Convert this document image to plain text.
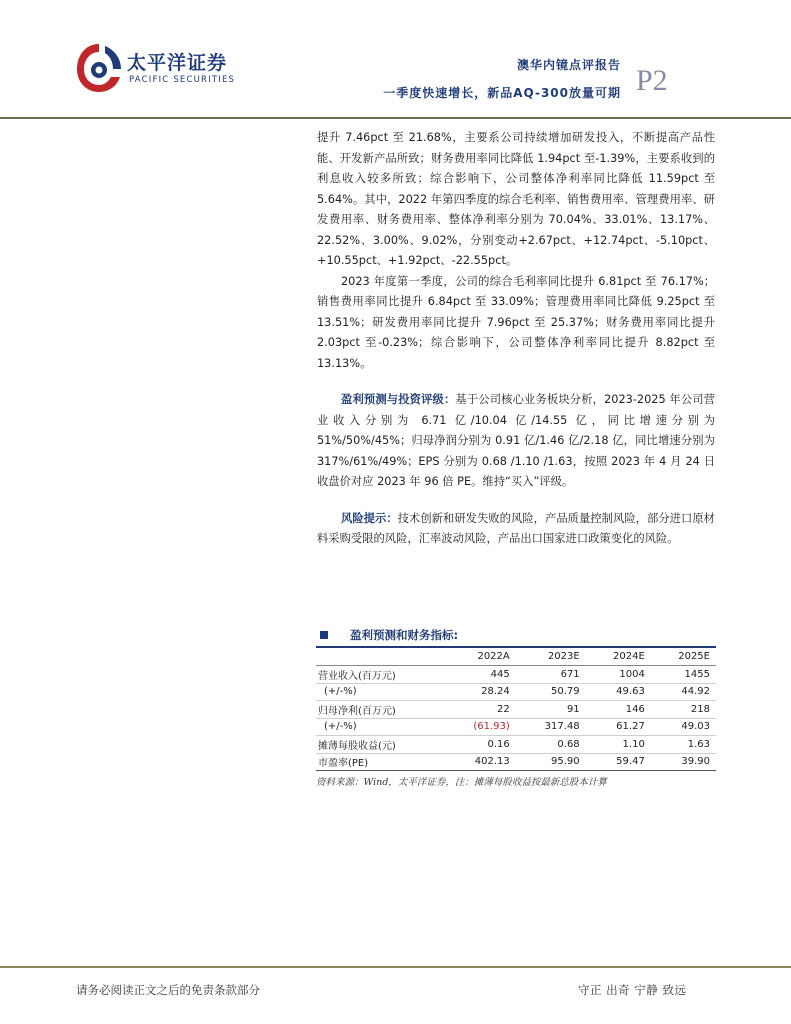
太平洋证券
PACIFIC SECURITIES
澳华内镜点评报告
一季度快速增长，新品AQ-300放量可期 P2

提升 7.46pct 至 21.68%，主要系公司持续增加研发投入，不断提高产品性能、开发新产品所致；财务费用率同比降低 1.94pct 至-1.39%，主要系收到的利息收入较多所致；综合影响下，公司整体净利率同比降低 11.59pct 至 5.64%。其中，2022 年第四季度的综合毛利率、销售费用率、管理费用率、研发费用率、财务费用率、整体净利率分别为 70.04%、33.01%、13.17%、22.52%、3.00%、9.02%，分别变动+2.67pct、+12.74pct、-5.10pct、+10.55pct、+1.92pct、-22.55pct。

2023 年度第一季度，公司的综合毛利率同比提升 6.81pct 至 76.17%；销售费用率同比提升 6.84pct 至 33.09%；管理费用率同比降低 9.25pct 至 13.51%；研发费用率同比提升 7.96pct 至 25.37%；财务费用率同比提升 2.03pct 至-0.23%；综合影响下，公司整体净利率同比提升 8.82pct 至 13.13%。

盈利预测与投资评级：基于公司核心业务板块分析，2023-2025 年公司营业收入分别为 6.71 亿/10.04 亿/14.55 亿，同比增速分别为 51%/50%/45%；归母净润分别为 0.91 亿/1.46 亿/2.18 亿，同比增速分别为 317%/61%/49%；EPS 分别为 0.68 /1.10 /1.63，按照 2023 年 4 月 24 日收盘价对应 2023 年 96 倍 PE。维持“买入”评级。

风险提示：技术创新和研发失败的风险，产品质量控制风险，部分进口原材料采购受限的风险，汇率波动风险，产品出口国家进口政策变化的风险。

盈利预测和财务指标:
	2022A	2023E	2024E	2025E
营业收入(百万元)	445	671	1004	1455
(+/-%)	28.24	50.79	49.63	44.92
归母净利(百万元)	22	91	146	218
(+/-%)	(61.93)	317.48	61.27	49.03
摊薄每股收益(元)	0.16	0.68	1.10	1.63
市盈率(PE)	402.13	95.90	59.47	39.90
资料来源：Wind，太平洋证券，注：摊薄每股收益按最新总股本计算
请务必阅读正文之后的免责条款部分	守正 出奇 宁静 致远
